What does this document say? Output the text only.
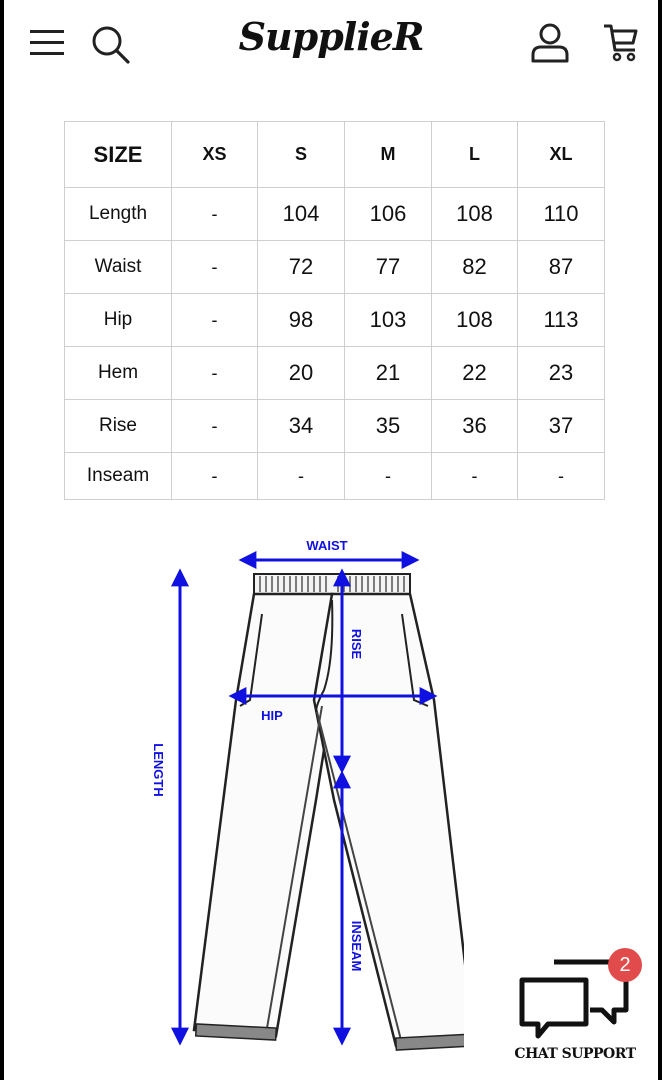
SupplieR
SIZE	XS	S	M	L	XL
Length	-	104	106	108	110
Waist	-	72	77	82	87
Hip	-	98	103	108	113
Hem	-	20	21	22	23
Rise	-	34	35	36	37
Inseam	-	-	-	-	-
WAIST
HIP
RISE
LENGTH
INSEAM	2
CHAT SUPPORT
